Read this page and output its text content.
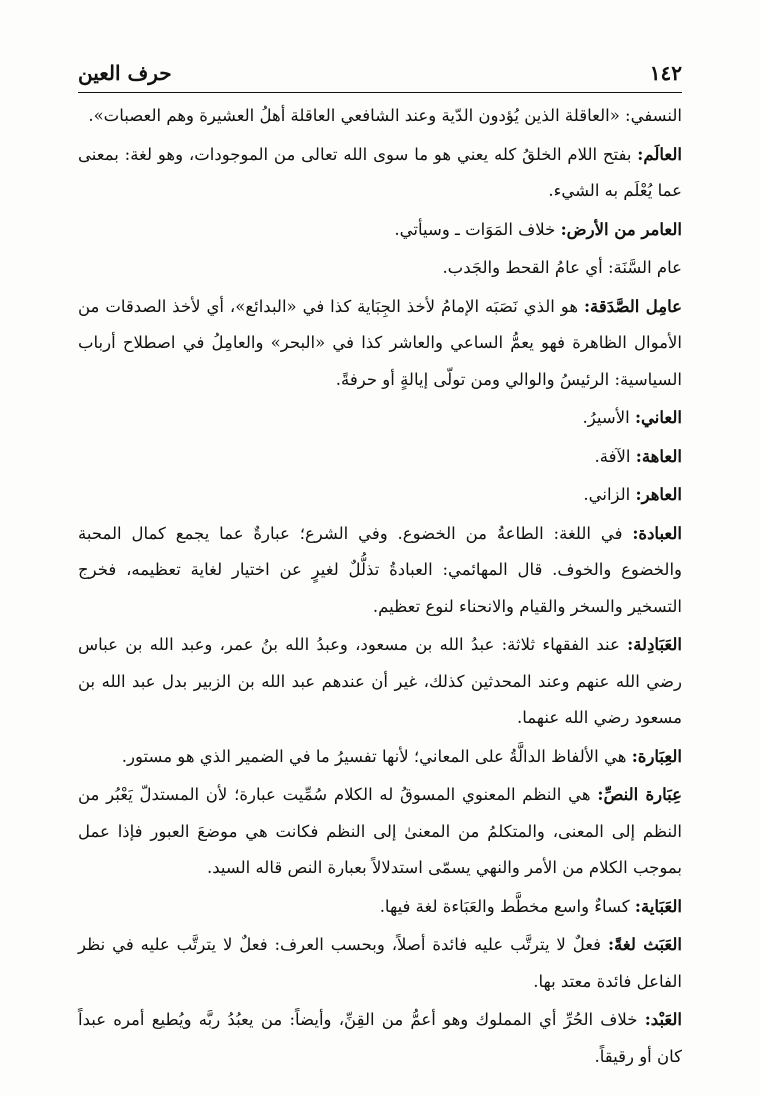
١٤٢
حرف العين

النسفي: «العاقلة الذين يُؤدون الدّية وعند الشافعي العاقلة أهلُ العشيرة وهم العصبات».

العالَم: بفتح اللام الخلقُ كله يعني هو ما سوى الله تعالى من الموجودات، وهو لغة: بمعنى عما يُعْلَم به الشيء.

العامر من الأرض: خلاف المَوَات ـ وسيأتي.

عام السَّنَة: أي عامُ القحط والجَدب.

عامِل الصَّدَقة: هو الذي نَصَبَه الإمامُ لأخذ الجِبَاية كذا في «البدائع»، أي لأخذ الصدقات من الأموال الظاهرة فهو يعمُّ الساعي والعاشر كذا في «البحر» والعامِلُ في اصطلاح أرباب السياسية: الرئيسُ والوالي ومن تولّى إيالةٍ أو حرفةً.

العاني: الأسيرُ.

العاهة: الآفة.

العاهر: الزاني.

العبادة: في اللغة: الطاعةُ من الخضوع. وفي الشرع؛ عبارةٌ عما يجمع كمال المحبة والخضوع والخوف. قال المهائمي: العبادةُ تذلُّلٌ لغيرٍ عن اختيار لغاية تعظيمه، فخرج التسخير والسخر والقيام والانحناء لنوع تعظيم.

العَبَادِلة: عند الفقهاء ثلاثة: عبدُ الله بن مسعود، وعبدُ الله بنُ عمر، وعبد الله بن عباس رضي الله عنهم وعند المحدثين كذلك، غير أن عندهم عبد الله بن الزبير بدل عبد الله بن مسعود رضي الله عنهما.

العِبَارة: هي الألفاظ الدالَّةُ على المعاني؛ لأنها تفسيرُ ما في الضمير الذي هو مستور.

عِبَارة النصِّ: هي النظم المعنوي المسوقُ له الكلام سُمِّيت عبارة؛ لأن المستدلّ يَعْبُر من النظم إلى المعنى، والمتكلمُ من المعنىٰ إلى النظم فكانت هي موضعَ العبور فإذا عمل بموجب الكلام من الأمر والنهي يسمّى استدلالاً بعبارة النص قاله السيد.

العَبَاية: كساءٌ واسع مخطَّط والعَبَاءة لغة فيها.

العَبَث لغةً: فعلٌ لا يترتَّب عليه فائدة أصلاً، وبحسب العرف: فعلٌ لا يترتَّب عليه في نظر الفاعل فائدة معتد بها.

العَبْد: خلاف الحُرِّ أي المملوك وهو أعمُّ من القِنِّ، وأيضاً: من يعبُدُ ربَّه ويُطيع أمره عبداً كان أو رقيقاً.
